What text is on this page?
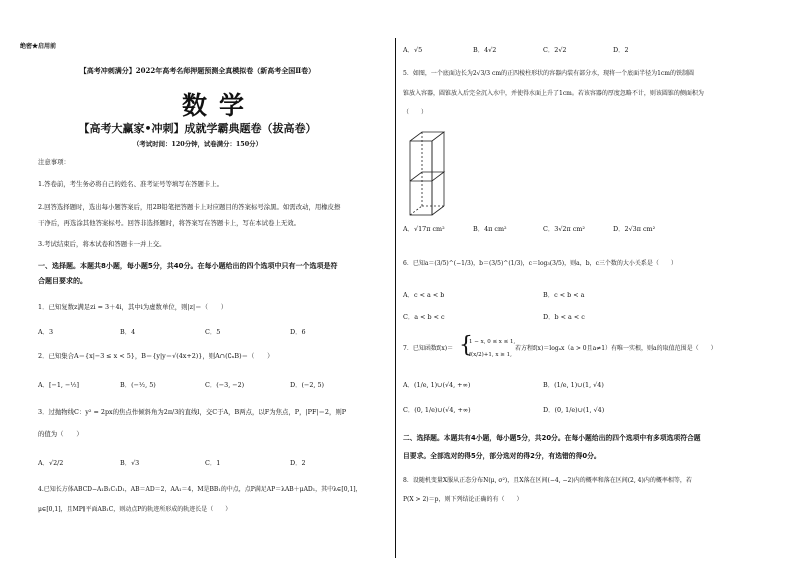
绝密★启用前
【高考冲刺满分】2022年高考名师押题预测全真模拟卷（新高考全国Ⅱ卷）
数学
【高考大赢家•冲刺】成就学霸典题卷（拔高卷）
（考试时间：120分钟，试卷满分：150分）
注意事项：
1.答卷前，考生务必将自己的姓名、准考证号等填写在答题卡上。
2.回答选择题时，选出每小题答案后，用2B铅笔把答题卡上对应题目的答案标号涂黑。如需改动，用橡皮擦
干净后，再选涂其他答案标号。回答非选择题时，将答案写在答题卡上，写在本试卷上无效。
3.考试结束后，将本试卷和答题卡一并上交。
一、选择题。本题共8小题，每小题5分，共40分。在每小题给出的四个选项中只有一个选项是符
合题目要求的。
1．已知复数z满足zi = 3＋4i，其中i为虚数单位，则|z|＝（　　）
A．3	B．4	C．5	D．6
2．已知集合A＝{x|−3 ≤ x < 5}，B＝{y|y＝√(4x+2)}，则A∩(∁ₓB)＝（　　）
A．[−1, −½]	B．(−½, 5)	C．(−3, −2)	D．(−2, 5)
3．过抛物线C：y² = 2px的焦点作倾斜角为2π/3的直线l，交C于A，B两点，以F为焦点，P，|PF|＝2，则P
的值为（　　）
A．√2/2	B．√3	C．1	D．2
4.已知长方体ABCD−A₁B₁C₁D₁，AB＝AD＝2，AA₁＝4，M是BB₁的中点，点P满足AP＝λAB＋μAD₁，其中λ∈[0,1]，
μ∈[0,1]，且MP∥平面AB₁C，则动点P的轨迹所形成的轨迹长是（　　）
A．√5	B．4√2	C．2√2	D．2
5．如图，一个底面边长为2√3/3 cm的正四棱柱形状的容器内装有部分水，现将一个底面半径为1cm的铁制圆
锥放入容器，圆锥放入后完全沉入水中，并使得水面上升了1cm。若该容器的厚度忽略不计，则该圆锥的侧面积为
（　　）
A．√17π cm²	B．4π cm²	C．3√2π cm²	D．2√3π cm²
6．已知a＝(3/5)^(−1/3)，b＝(3/5)^(1/3)，c＝log₃(3/5)，则a，b，c三个数的大小关系是（　　）
A．c < a < b	B．c < b < a
C．a < b < c	D．b < a < c
7．已知函数f(x)＝ {
1 − x, 0 ≤ x ≤ 1,
f(x/2)+1, x ≥ 1,
若方程f(x)＝logₐx（a > 0且a≠1）有唯一实根，则a的取值范围是（　　）
A．(1/e, 1)∪(√4, +∞)	B．(1/e, 1)∪(1, √4)
C．(0, 1/e)∪(√4, +∞)	D．(0, 1/e)∪(1, √4)
二、选择题。本题共有4小题，每小题5分，共20分。在每小题给出的四个选项中有多项选项符合题
目要求。全部选对的得5分，部分选对的得2分，有选错的得0分。
8．设随机变量X服从正态分布N(μ, σ²)，且X落在区间(−4, −2)内的概率和落在区间(2, 4)内的概率相等，若
P(X > 2)＝p，则下列结论正确的有（　　）
